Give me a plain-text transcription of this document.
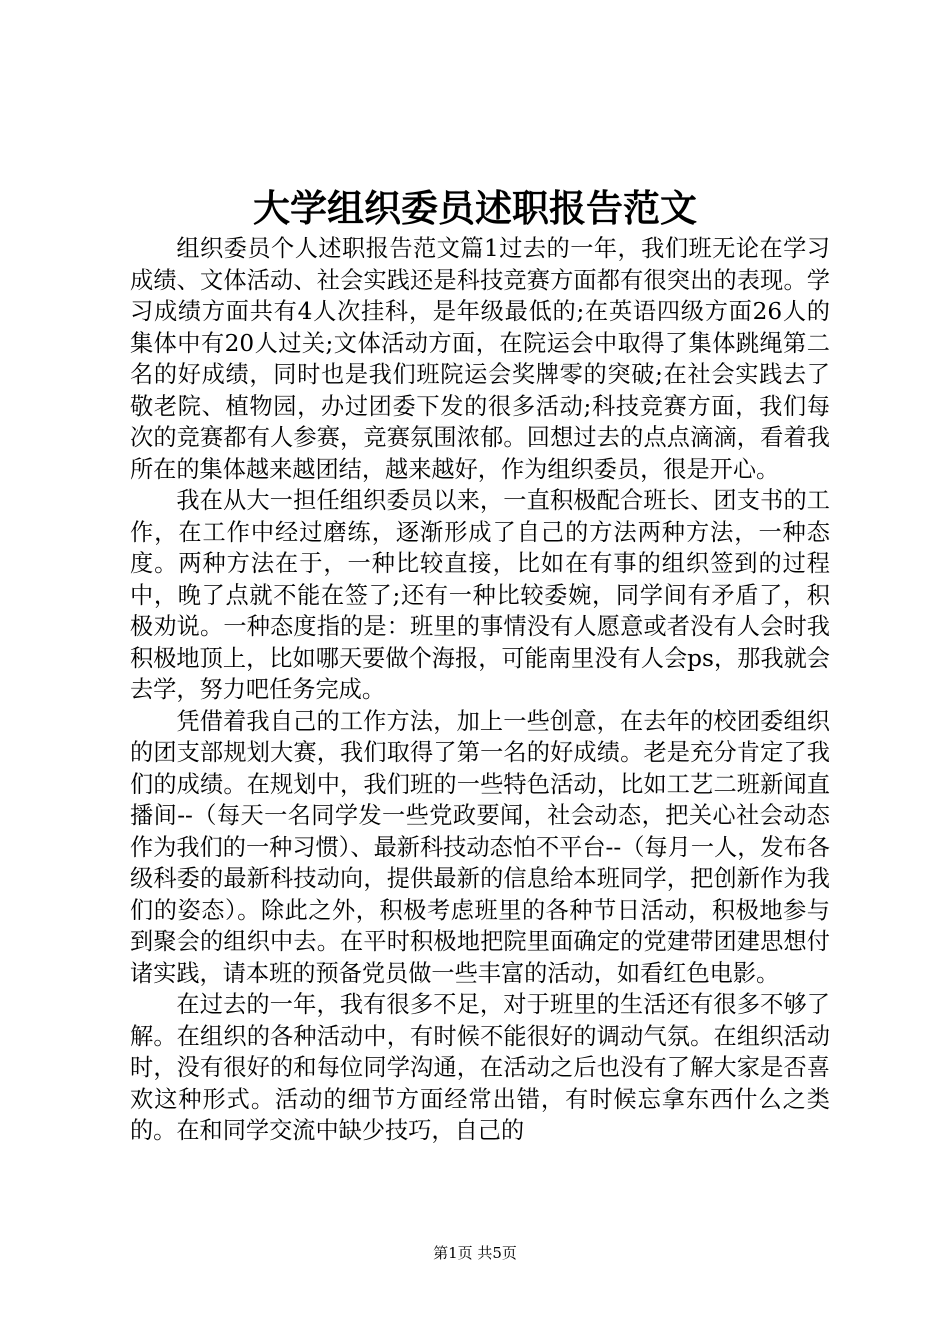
大学组织委员述职报告范文

组织委员个人述职报告范文篇1过去的一年，我们班无论在学习成绩、文体活动、社会实践还是科技竞赛方面都有很突出的表现。学习成绩方面共有4人次挂科，是年级最低的;在英语四级方面26人的集体中有20人过关;文体活动方面，在院运会中取得了集体跳绳第二名的好成绩，同时也是我们班院运会奖牌零的突破;在社会实践去了敬老院、植物园，办过团委下发的很多活动;科技竞赛方面，我们每次的竞赛都有人参赛，竞赛氛围浓郁。回想过去的点点滴滴，看着我所在的集体越来越团结，越来越好，作为组织委员，很是开心。

我在从大一担任组织委员以来，一直积极配合班长、团支书的工作，在工作中经过磨练，逐渐形成了自己的方法两种方法，一种态度。两种方法在于，一种比较直接，比如在有事的组织签到的过程中，晚了点就不能在签了;还有一种比较委婉，同学间有矛盾了，积极劝说。一种态度指的是：班里的事情没有人愿意或者没有人会时我积极地顶上，比如哪天要做个海报，可能南里没有人会ps，那我就会去学，努力吧任务完成。

凭借着我自己的工作方法，加上一些创意，在去年的校团委组织的团支部规划大赛，我们取得了第一名的好成绩。老是充分肯定了我们的成绩。在规划中，我们班的一些特色活动，比如工艺二班新闻直播间--（每天一名同学发一些党政要闻，社会动态，把关心社会动态作为我们的一种习惯）、最新科技动态怕不平台--（每月一人，发布各级科委的最新科技动向，提供最新的信息给本班同学，把创新作为我们的姿态）。除此之外，积极考虑班里的各种节日活动，积极地参与到聚会的组织中去。在平时积极地把院里面确定的党建带团建思想付诸实践，请本班的预备党员做一些丰富的活动，如看红色电影。

在过去的一年，我有很多不足，对于班里的生活还有很多不够了解。在组织的各种活动中，有时候不能很好的调动气氛。在组织活动时，没有很好的和每位同学沟通，在活动之后也没有了解大家是否喜欢这种形式。活动的细节方面经常出错，有时候忘拿东西什么之类的。在和同学交流中缺少技巧，自己的

第1页 共5页
